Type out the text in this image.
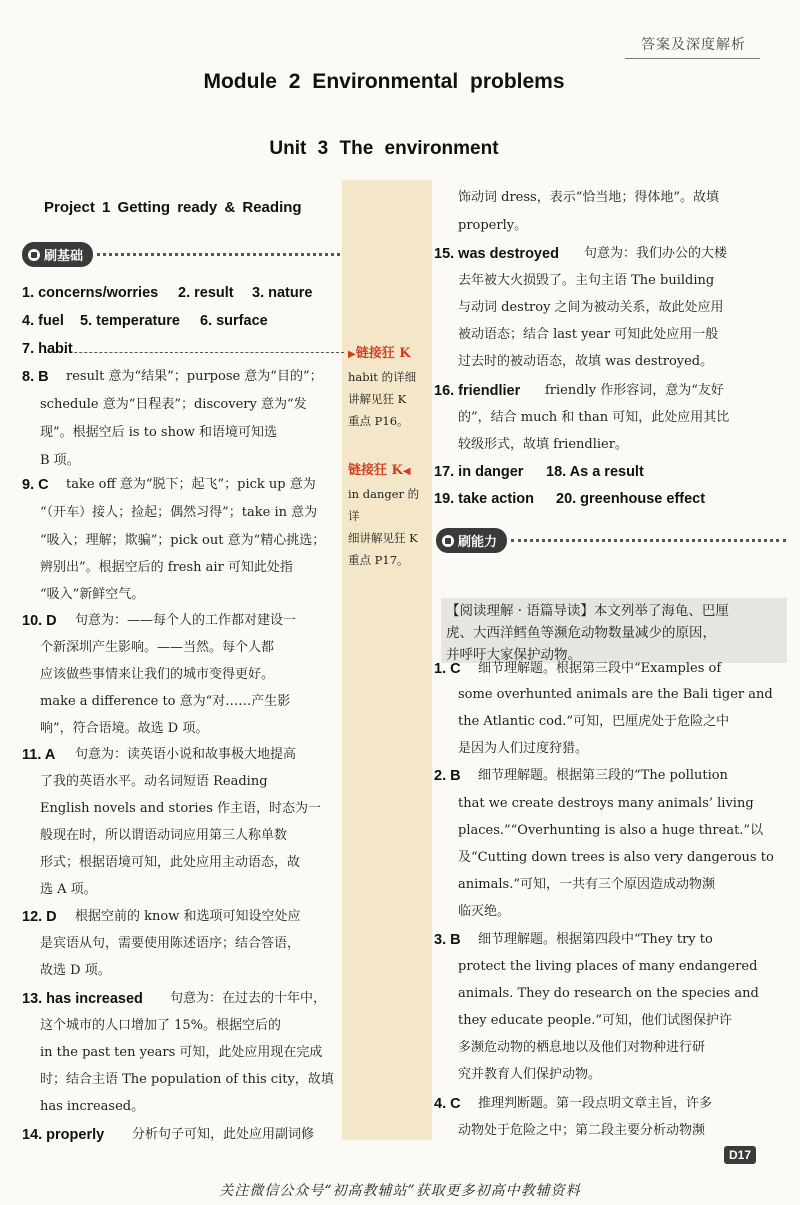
答案及深度解析
Module 2 Environmental problems
Unit 3 The environment
Project 1 Getting ready & Reading
▶链接狂 K
habit 的详细
讲解见狂 K
重点 P16。
链接狂 K◀
in danger 的详
细讲解见狂 K
重点 P17。
刷基础
1. concerns/worries 2. result 3. nature
4. fuel 5. temperature 6. surface
7. habit
8. B result 意为“结果”；purpose 意为“目的”；
schedule 意为“日程表”；discovery 意为“发
现”。根据空后 is to show 和语境可知选
B 项。
9. C take off 意为“脱下；起飞”；pick up 意为
“（开车）接人；捡起；偶然习得”；take in 意为
“吸入；理解；欺骗”；pick out 意为“精心挑选；
辨别出”。根据空后的 fresh air 可知此处指
“吸入”新鲜空气。
10. D 句意为：——每个人的工作都对建设一
个新深圳产生影响。——当然。每个人都
应该做些事情来让我们的城市变得更好。
make a difference to 意为“对……产生影
响”，符合语境。故选 D 项。
11. A 句意为：读英语小说和故事极大地提高
了我的英语水平。动名词短语 Reading
English novels and stories 作主语，时态为一
般现在时，所以谓语动词应用第三人称单数
形式；根据语境可知，此处应用主动语态，故
选 A 项。
12. D 根据空前的 know 和选项可知设空处应
是宾语从句，需要使用陈述语序；结合答语，
故选 D 项。
13. has increased 句意为：在过去的十年中，
这个城市的人口增加了 15%。根据空后的
in the past ten years 可知，此处应用现在完成
时；结合主语 The population of this city，故填
has increased。
14. properly 分析句子可知，此处应用副词修
饰动词 dress，表示“恰当地；得体地”。故填
properly。
15. was destroyed 句意为：我们办公的大楼
去年被大火损毁了。主句主语 The building
与动词 destroy 之间为被动关系，故此处应用
被动语态；结合 last year 可知此处应用一般
过去时的被动语态，故填 was destroyed。
16. friendlier friendly 作形容词，意为“友好
的”，结合 much 和 than 可知，此处应用其比
较级形式，故填 friendlier。
17. in danger 18. As a result
19. take action 20. greenhouse effect
刷能力
【阅读理解 · 语篇导读】本文列举了海龟、巴厘
虎、大西洋鳕鱼等濒危动物数量减少的原因，
并呼吁大家保护动物。
1. C 细节理解题。根据第三段中“Examples of
some overhunted animals are the Bali tiger and
the Atlantic cod.”可知，巴厘虎处于危险之中
是因为人们过度狩猎。
2. B 细节理解题。根据第三段的“The pollution
that we create destroys many animals’ living
places.”“Overhunting is also a huge threat.”以
及“Cutting down trees is also very dangerous to
animals.”可知，一共有三个原因造成动物濒
临灭绝。
3. B 细节理解题。根据第四段中“They try to
protect the living places of many endangered
animals. They do research on the species and
they educate people.”可知，他们试图保护许
多濒危动物的栖息地以及他们对物种进行研
究并教育人们保护动物。
4. C 推理判断题。第一段点明文章主旨，许多
动物处于危险之中；第二段主要分析动物濒
D17
关注微信公众号“初高教辅站”获取更多初高中教辅资料
